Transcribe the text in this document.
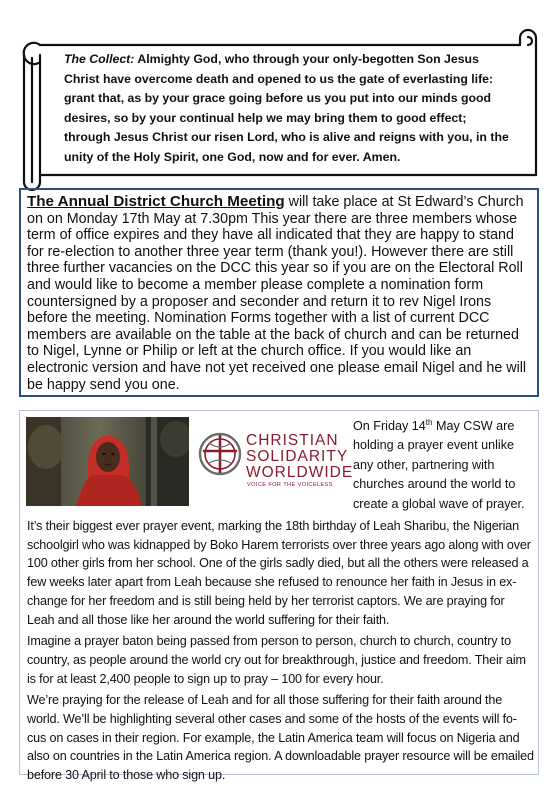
The Collect: Almighty God, who through your only-begotten Son Jesus Christ have overcome death and opened to us the gate of everlasting life: grant that, as by your grace going before us you put into our minds good desires, so by your continual help we may bring them to good effect; through Jesus Christ our risen Lord, who is alive and reigns with you, in the unity of the Holy Spirit, one God, now and for ever. Amen.
The Annual District Church Meeting will take place at St Edward’s Church on on Monday 17th May at 7.30pm This year there are three members whose term of office expires and they have all indicated that they are happy to stand for re-election to another three year term (thank you!). However there are still three further vacancies on the DCC this year so if you are on the Electoral Roll and would like to become a member please complete a nomination form countersigned by a proposer and seconder and return it to rev Nigel Irons before the meeting. Nomination Forms together with a list of current DCC members are available on the table at the back of church and can be returned to Nigel, Lynne or Philip or left at the church office. If you would like an electronic version and have not yet received one please email Nigel and he will be happy send you one.
CHRISTIAN
SOLIDARITY
WORLDWIDE
VOICE FOR THE VOICELESS
On Friday 14th May CSW are holding a prayer event unlike any other, partnering with churches around the world to create a global wave of prayer.

It’s their biggest ever prayer event, marking the 18th birthday of Leah Sharibu, the Nigerian schoolgirl who was kidnapped by Boko Harem terrorists over three years ago along with over 100 other girls from her school. One of the girls sadly died, but all the others were released a few weeks later apart from Leah because she refused to renounce her faith in Jesus in ex-change for her freedom and is still being held by her terrorist captors. We are praying for Leah and all those like her around the world suffering for their faith.

Imagine a prayer baton being passed from person to person, church to church, country to country, as people around the world cry out for breakthrough, justice and freedom. Their aim is for at least 2,400 people to sign up to pray – 100 for every hour.

We’re praying for the release of Leah and for all those suffering for their faith around the world. We’ll be highlighting several other cases and some of the hosts of the events will fo-cus on cases in their region. For example, the Latin America team will focus on Nigeria and also on countries in the Latin America region. A downloadable prayer resource will be emailed before 30 April to those who sign up.
